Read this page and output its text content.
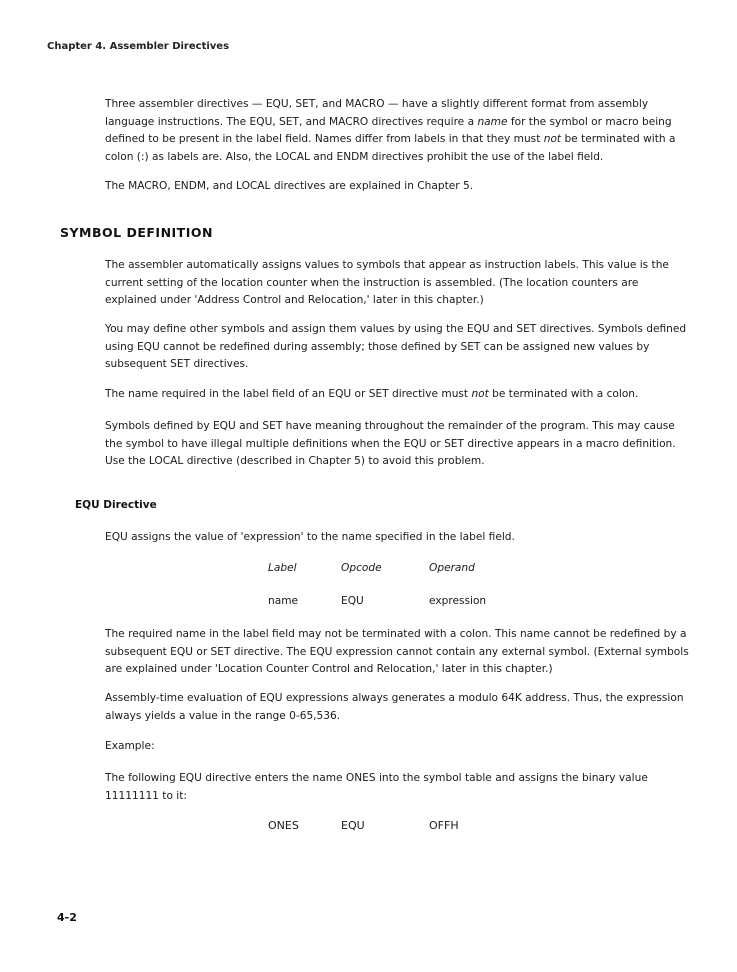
Chapter 4. Assembler Directives

Three assembler directives — EQU, SET, and MACRO — have a slightly different format from assembly language instructions. The EQU, SET, and MACRO directives require a name for the symbol or macro being defined to be present in the label field. Names differ from labels in that they must not be terminated with a colon (:) as labels are. Also, the LOCAL and ENDM directives prohibit the use of the label field.

The MACRO, ENDM, and LOCAL directives are explained in Chapter 5.

SYMBOL DEFINITION

The assembler automatically assigns values to symbols that appear as instruction labels. This value is the current setting of the location counter when the instruction is assembled. (The location counters are explained under 'Address Control and Relocation,' later in this chapter.)

You may define other symbols and assign them values by using the EQU and SET directives. Symbols defined using EQU cannot be redefined during assembly; those defined by SET can be assigned new values by subsequent SET directives.

The name required in the label field of an EQU or SET directive must not be terminated with a colon.

Symbols defined by EQU and SET have meaning throughout the remainder of the program. This may cause the symbol to have illegal multiple definitions when the EQU or SET directive appears in a macro definition. Use the LOCAL directive (described in Chapter 5) to avoid this problem.

EQU Directive

EQU assigns the value of 'expression' to the name specified in the label field.

Label	Opcode	Operand
name	EQU	expression

The required name in the label field may not be terminated with a colon. This name cannot be redefined by a subsequent EQU or SET directive. The EQU expression cannot contain any external symbol. (External symbols are explained under 'Location Counter Control and Relocation,' later in this chapter.)

Assembly-time evaluation of EQU expressions always generates a modulo 64K address. Thus, the expression always yields a value in the range 0-65,536.

Example:

The following EQU directive enters the name ONES into the symbol table and assigns the binary value 11111111 to it:

ONES	EQU	OFFH
4-2
